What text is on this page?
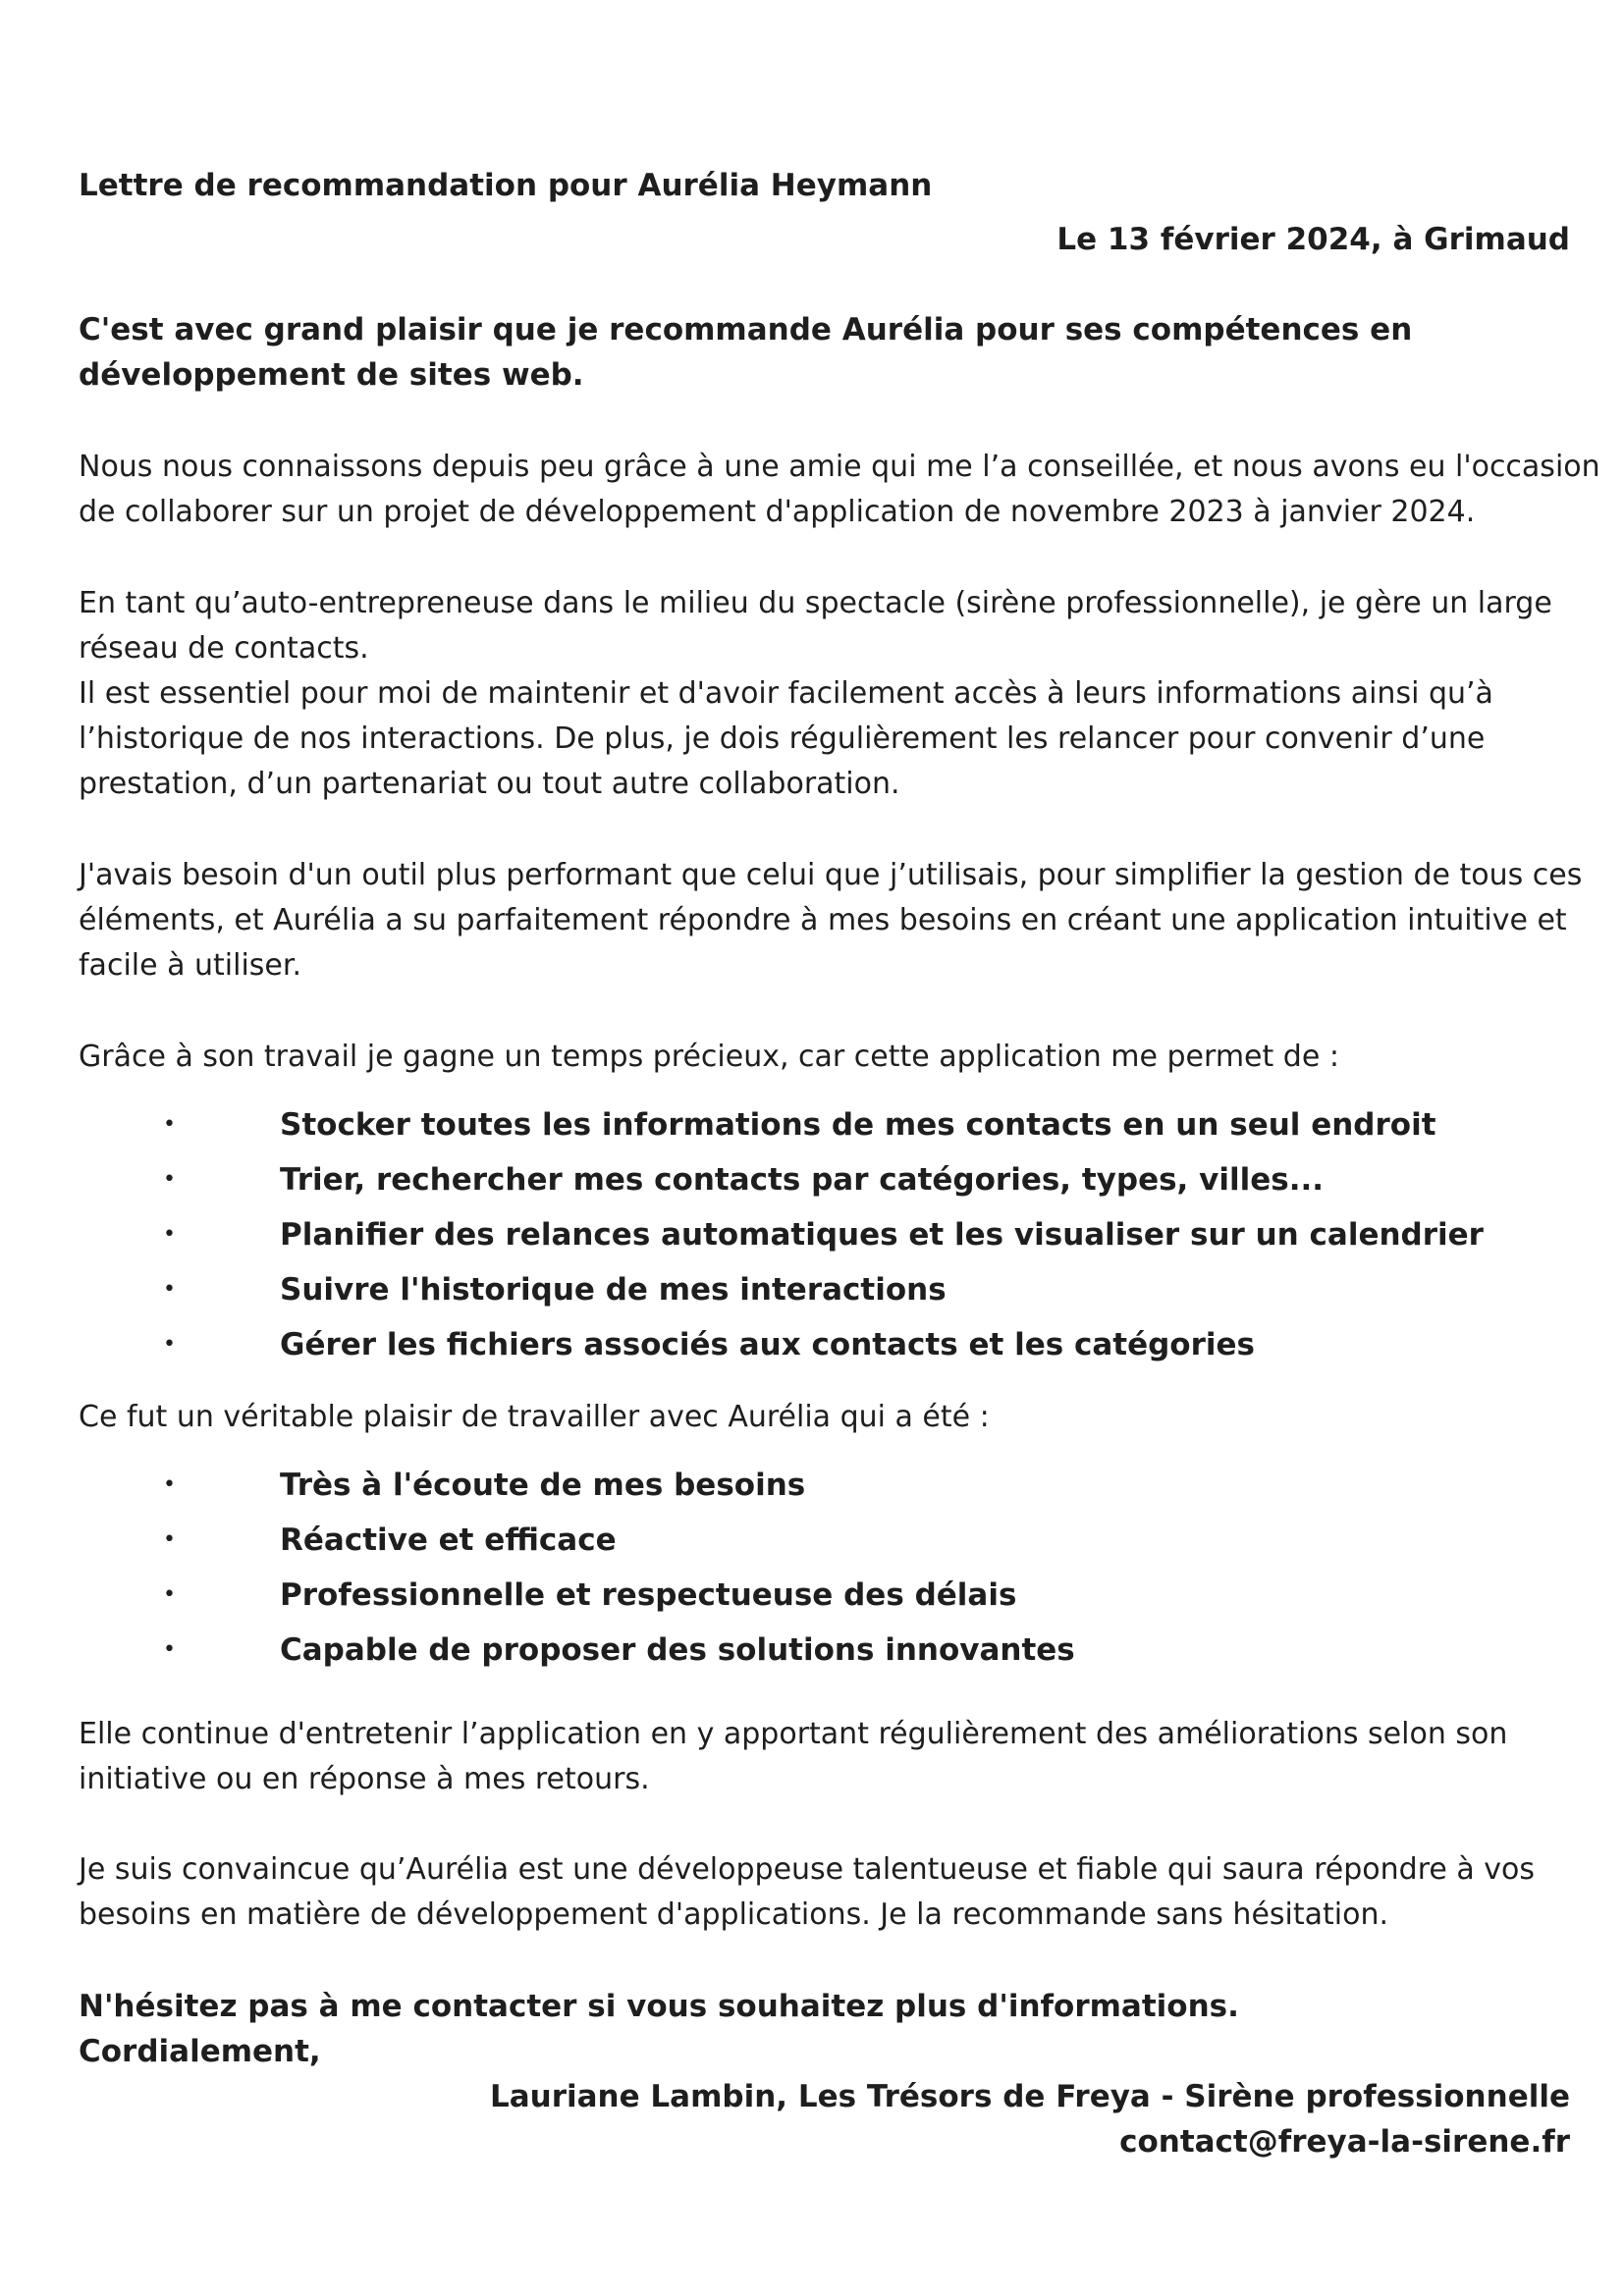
Lettre de recommandation pour Aurélia Heymann

Le 13 février 2024, à Grimaud

C'est avec grand plaisir que je recommande Aurélia pour ses compétences en
développement de sites web.

Nous nous connaissons depuis peu grâce à une amie qui me l’a conseillée, et nous avons eu l'occasion
de collaborer sur un projet de développement d'application de novembre 2023 à janvier 2024.

En tant qu’auto-entrepreneuse dans le milieu du spectacle (sirène professionnelle), je gère un large
réseau de contacts.
Il est essentiel pour moi de maintenir et d'avoir facilement accès à leurs informations ainsi qu’à
l’historique de nos interactions. De plus, je dois régulièrement les relancer pour convenir d’une
prestation, d’un partenariat ou tout autre collaboration.

J'avais besoin d'un outil plus performant que celui que j’utilisais, pour simplifier la gestion de tous ces
éléments, et Aurélia a su parfaitement répondre à mes besoins en créant une application intuitive et
facile à utiliser.

Grâce à son travail je gagne un temps précieux, car cette application me permet de :

•	Stocker toutes les informations de mes contacts en un seul endroit
•	Trier, rechercher mes contacts par catégories, types, villes...
•	Planifier des relances automatiques et les visualiser sur un calendrier
•	Suivre l'historique de mes interactions
•	Gérer les fichiers associés aux contacts et les catégories

Ce fut un véritable plaisir de travailler avec Aurélia qui a été :

•	Très à l'écoute de mes besoins
•	Réactive et efficace
•	Professionnelle et respectueuse des délais
•	Capable de proposer des solutions innovantes

Elle continue d'entretenir l’application en y apportant régulièrement des améliorations selon son
initiative ou en réponse à mes retours.

Je suis convaincue qu’Aurélia est une développeuse talentueuse et fiable qui saura répondre à vos
besoins en matière de développement d'applications. Je la recommande sans hésitation.

N'hésitez pas à me contacter si vous souhaitez plus d'informations.
Cordialement,

Lauriane Lambin, Les Trésors de Freya - Sirène professionnelle

contact@freya-la-sirene.fr
